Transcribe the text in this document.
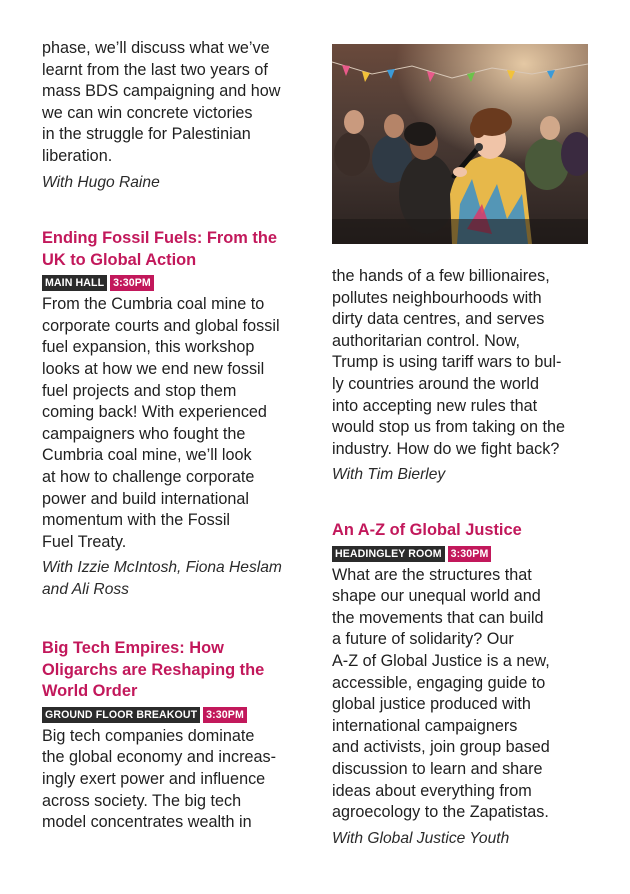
phase, we’ll discuss what we’ve

learnt from the last two years of

mass BDS campaigning and how

we can win concrete victories

in the struggle for Palestinian

liberation.

With Hugo Raine

Ending Fossil Fuels: From the
UK to Global Action
MAIN HALL 3:30PM

From the Cumbria coal mine to

corporate courts and global fossil

fuel expansion, this workshop

looks at how we end new fossil

fuel projects and stop them

coming back! With experienced

campaigners who fought the

Cumbria coal mine, we’ll look

at how to challenge corporate

power and build international

momentum with the Fossil

Fuel Treaty.

With Izzie McIntosh, Fiona Heslam

and Ali Ross

Big Tech Empires: How
Oligarchs are Reshaping the
World Order
GROUND FLOOR BREAKOUT 3:30PM

Big tech companies dominate

the global economy and increas-

ingly exert power and influence

across society. The big tech

model concentrates wealth in

the hands of a few billionaires,

pollutes neighbourhoods with

dirty data centres, and serves

authoritarian control. Now,

Trump is using tariff wars to bul-

ly countries around the world

into accepting new rules that

would stop us from taking on the

industry. How do we fight back?

With Tim Bierley

An A-Z of Global Justice
HEADINGLEY ROOM 3:30PM

What are the structures that

shape our unequal world and

the movements that can build

a future of solidarity? Our

A-Z of Global Justice is a new,

accessible, engaging guide to

global justice produced with

international campaigners

and activists, join group based

discussion to learn and share

ideas about everything from

agroecology to the Zapatistas.

With Global Justice Youth
